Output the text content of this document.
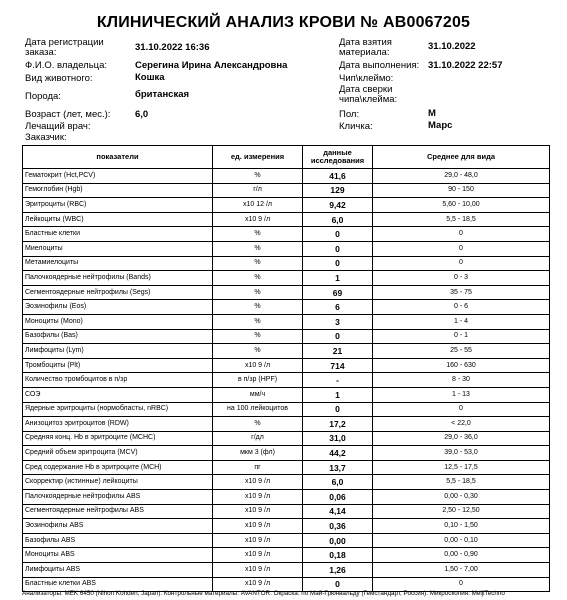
КЛИНИЧЕСКИЙ АНАЛИЗ КРОВИ № АВ0067205
Дата регистрации
заказа:	31.10.2022 16:36
Ф.И.О. владельца:	Серегина Ирина Александровна
Вид животного:	Кошка
Порода:	британская
Возраст (лет, мес.):	6,0
Лечащий врач:
Заказчик:
Дата взятия
материала:
31.10.2022
Дата выполнения: 31.10.2022 22:57
Чип\клеймо:
Дата сверки
чипа\клейма:
Пол:	М
Кличка:	Марс
показатели	ед. измерения	данные
исследования	Среднее для вида
Гематокрит (Hct,PCV)	%	41,6	29,0 - 48,0
Гемоглобин (Hgb)	г/л	129	90 - 150
Эритроциты (RBC)	x10 12 /л	9,42	5,60 - 10,00
Лейкоциты (WBC)	x10 9 /л	6,0	5,5 - 18,5
Бластные клетки	%	0	0
Миелоциты	%	0	0
Метамиелоциты	%	0	0
Палочкоядерные нейтрофилы (Bands)	%	1	0 - 3
Сегментоядерные нейтрофилы (Segs)	%	69	35 - 75
Эозинофилы (Eos)	%	6	0 - 6
Моноциты (Mono)	%	3	1 - 4
Базофилы (Bas)	%	0	0 - 1
Лимфоциты (Lym)	%	21	25 - 55
Тромбоциты (Plt)	x10 9 /л	714	160 - 630
Количество тромбоцитов в п/зр	в п/зр (HPF)	-	8 - 30
СОЭ	мм/ч	1	1 - 13
Ядерные эритроциты (нормобласты, nRBC)	на 100 лейкоцитов	0	0
Анизоцитоз эритроцитов (RDW)	%	17,2	< 22,0
Средняя конц. Hb в эритроците (MCHC)	г/дл	31,0	29,0 - 36,0
Средний объем эритроцита (MCV)	мкм 3 (фл)	44,2	39,0 - 53,0
Сред содержание Hb в эритроците (MCH)	пг	13,7	12,5 - 17,5
Скорректир (истинные) лейкоциты	x10 9 /л	6,0	5,5 - 18,5
Палочкоядерные нейтрофилы ABS	x10 9 /л	0,06	0,00 - 0,30
Сегментоядерные нейтрофилы ABS	x10 9 /л	4,14	2,50 - 12,50
Эозинофилы ABS	x10 9 /л	0,36	0,10 - 1,50
Базофилы ABS	x10 9 /л	0,00	0,00 - 0,10
Моноциты ABS	x10 9 /л	0,18	0,00 - 0,90
Лимфоциты ABS	x10 9 /л	1,26	1,50 - 7,00
Бластные клетки ABS	x10 9 /л	0	0
Анализаторы: MEK 6450 (Nihon Kohden, Japan). Контрольные материалы: AVANTOR. Окраска: по Май-Грюнвальду (Гемстандарт, Россия). Микроскопия: MeijiTechno
